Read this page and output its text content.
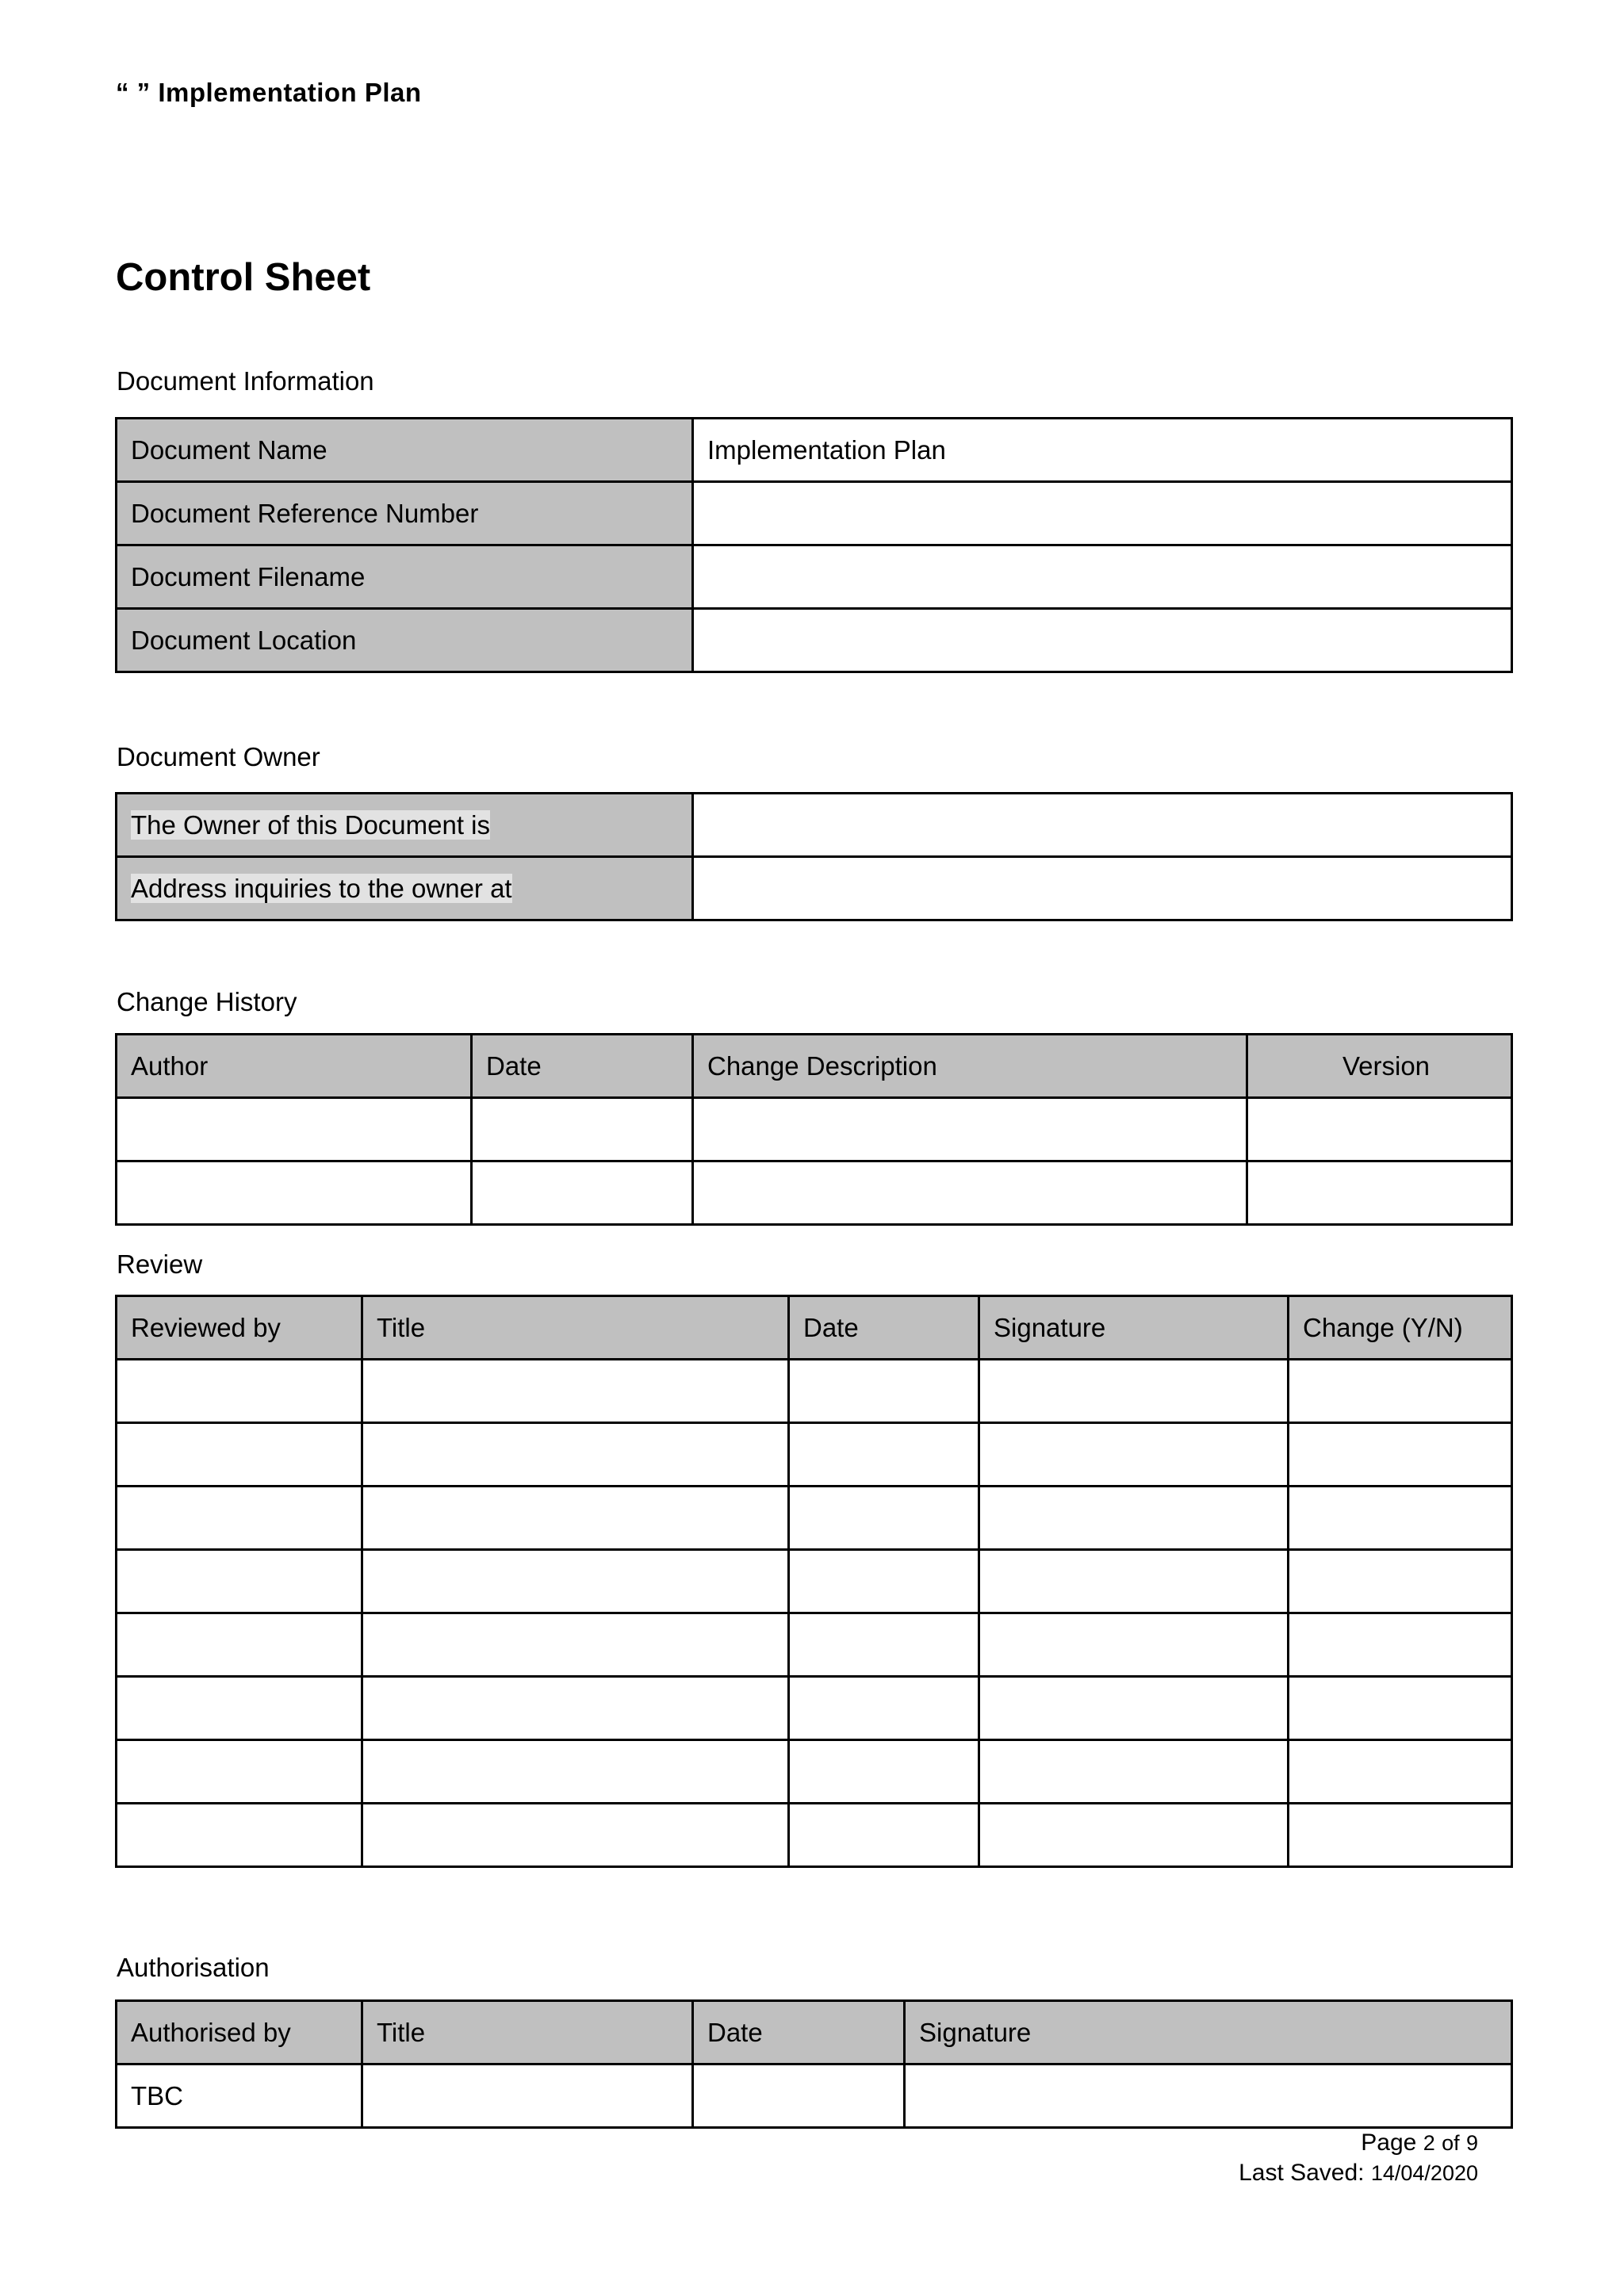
“ ” Implementation Plan
Control Sheet
Document Information
Document Name	Implementation Plan
Document Reference Number	
Document Filename	
Document Location	
Document Owner
The Owner of this Document is	
Address inquiries to the owner at	
Change History
Author	Date	Change Description	Version

Review
Reviewed by	Title	Date	Signature	Change (Y/N)

Authorisation
Authorised by	Title	Date	Signature
TBC			
Page 2 of 9
Last Saved: 14/04/2020
